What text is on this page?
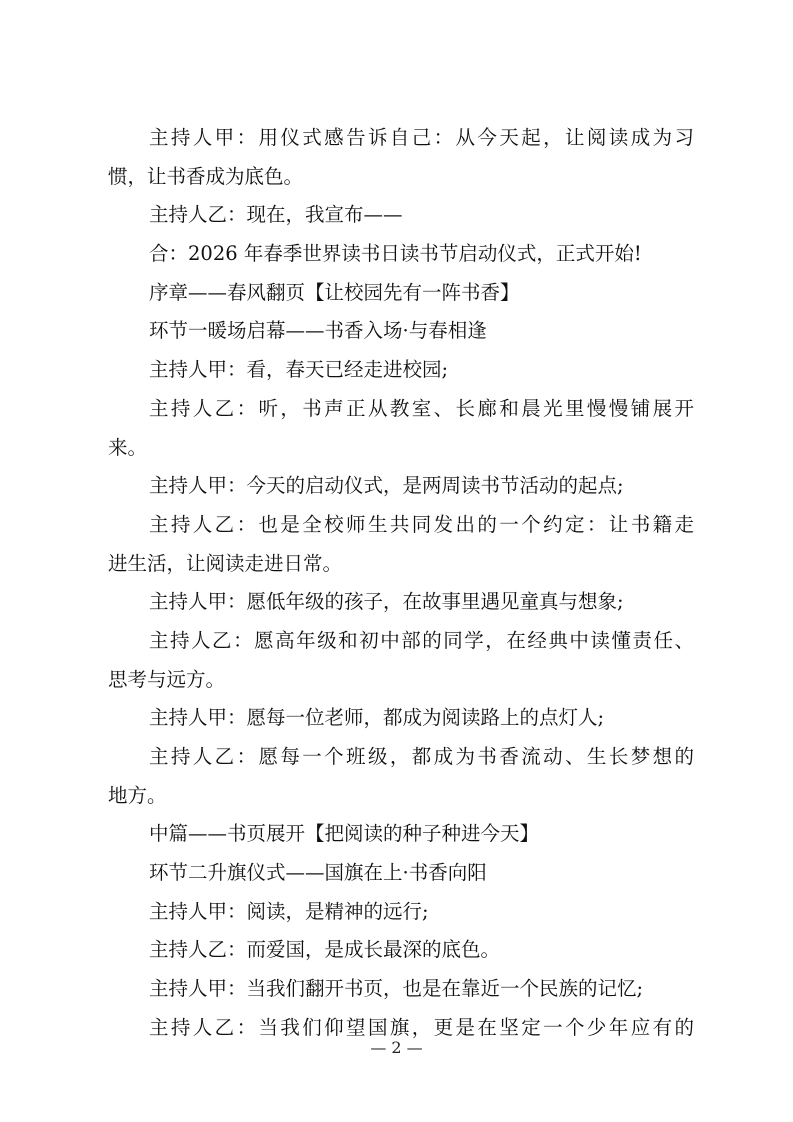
主持人甲：用仪式感告诉自己：从今天起，让阅读成为习
惯，让书香成为底色。
主持人乙：现在，我宣布——
合：2026 年春季世界读书日读书节启动仪式，正式开始!
序章——春风翻页【让校园先有一阵书香】
环节一暖场启幕——书香入场·与春相逢
主持人甲：看，春天已经走进校园;
主持人乙：听，书声正从教室、长廊和晨光里慢慢铺展开
来。
主持人甲：今天的启动仪式，是两周读书节活动的起点;
主持人乙：也是全校师生共同发出的一个约定：让书籍走
进生活，让阅读走进日常。
主持人甲：愿低年级的孩子，在故事里遇见童真与想象;
主持人乙：愿高年级和初中部的同学，在经典中读懂责任、
思考与远方。
主持人甲：愿每一位老师，都成为阅读路上的点灯人;
主持人乙：愿每一个班级，都成为书香流动、生长梦想的
地方。
中篇——书页展开【把阅读的种子种进今天】
环节二升旗仪式——国旗在上·书香向阳
主持人甲：阅读，是精神的远行;
主持人乙：而爱国，是成长最深的底色。
主持人甲：当我们翻开书页，也是在靠近一个民族的记忆;
主持人乙：当我们仰望国旗，更是在坚定一个少年应有的
— 2 —
